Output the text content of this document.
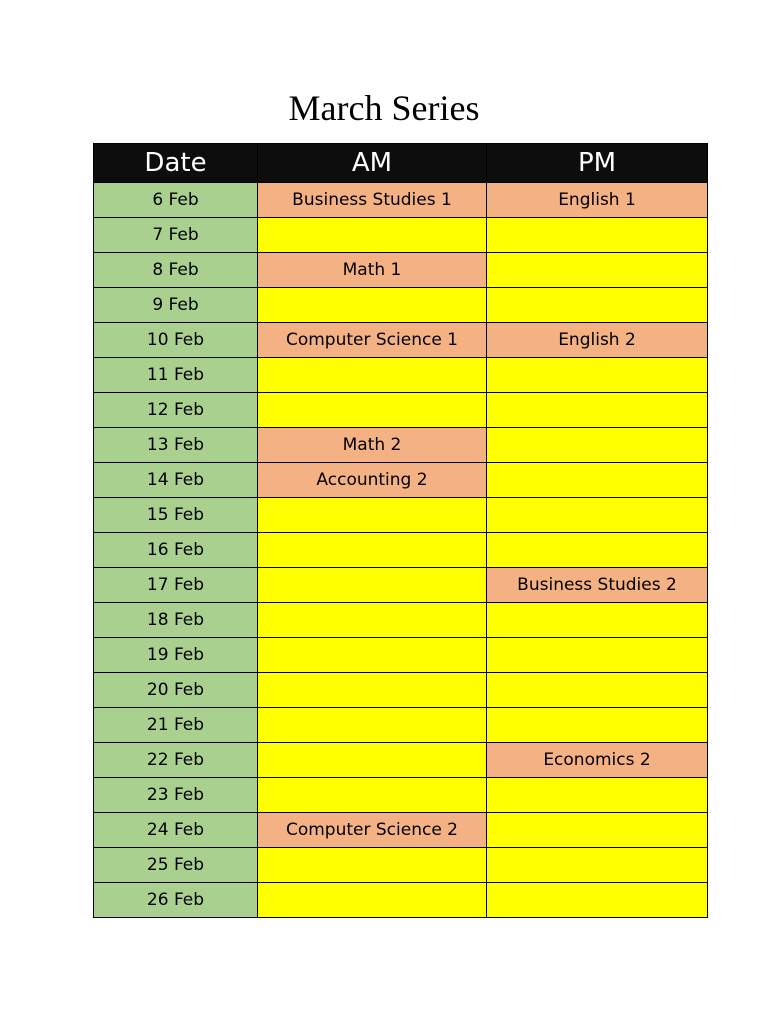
March Series
Date	AM	PM
6 Feb	Business Studies 1	English 1
7 Feb		
8 Feb	Math 1	
9 Feb		
10 Feb	Computer Science 1	English 2
11 Feb		
12 Feb		
13 Feb	Math 2	
14 Feb	Accounting 2	
15 Feb		
16 Feb		
17 Feb		Business Studies 2
18 Feb		
19 Feb		
20 Feb		
21 Feb		
22 Feb		Economics 2
23 Feb		
24 Feb	Computer Science 2	
25 Feb		
26 Feb		
